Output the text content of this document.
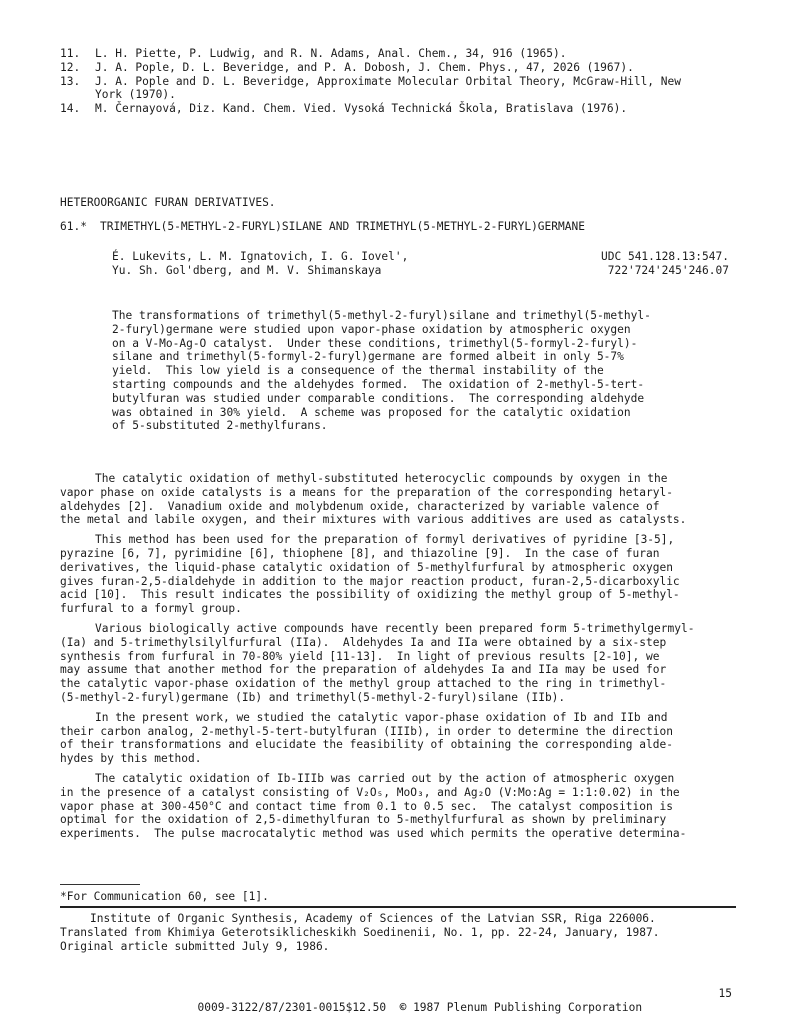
11.	L. H. Piette, P. Ludwig, and R. N. Adams, Anal. Chem., 34, 916 (1965).
12.	J. A. Pople, D. L. Beveridge, and P. A. Dobosh, J. Chem. Phys., 47, 2026 (1967).
13.	J. A. Pople and D. L. Beveridge, Approximate Molecular Orbital Theory, McGraw-Hill, New
York (1970).
14.	M. Černayová, Diz. Kand. Chem. Vied. Vysoká Technická Škola, Bratislava (1976).
HETEROORGANIC FURAN DERIVATIVES.
61.* TRIMETHYL(5-METHYL-2-FURYL)SILANE AND TRIMETHYL(5-METHYL-2-FURYL)GERMANE
É. Lukevits, L. M. Ignatovich, I. G. Iovel',
Yu. Sh. Gol'dberg, and M. V. Shimanskaya
UDC 541.128.13:547.
722'724'245'246.07
The transformations of trimethyl(5-methyl-2-furyl)silane and trimethyl(5-methyl-
2-furyl)germane were studied upon vapor-phase oxidation by atmospheric oxygen
on a V-Mo-Ag-O catalyst.  Under these conditions, trimethyl(5-formyl-2-furyl)-
silane and trimethyl(5-formyl-2-furyl)germane are formed albeit in only 5-7%
yield.  This low yield is a consequence of the thermal instability of the
starting compounds and the aldehydes formed.  The oxidation of 2-methyl-5-tert-
butylfuran was studied under comparable conditions.  The corresponding aldehyde
was obtained in 30% yield.  A scheme was proposed for the catalytic oxidation
of 5-substituted 2-methylfurans.
The catalytic oxidation of methyl-substituted heterocyclic compounds by oxygen in the
vapor phase on oxide catalysts is a means for the preparation of the corresponding hetaryl-
aldehydes [2].  Vanadium oxide and molybdenum oxide, characterized by variable valence of
the metal and labile oxygen, and their mixtures with various additives are used as catalysts.
This method has been used for the preparation of formyl derivatives of pyridine [3-5],
pyrazine [6, 7], pyrimidine [6], thiophene [8], and thiazoline [9].  In the case of furan
derivatives, the liquid-phase catalytic oxidation of 5-methylfurfural by atmospheric oxygen
gives furan-2,5-dialdehyde in addition to the major reaction product, furan-2,5-dicarboxylic
acid [10].  This result indicates the possibility of oxidizing the methyl group of 5-methyl-
furfural to a formyl group.
Various biologically active compounds have recently been prepared form 5-trimethylgermyl-
(Ia) and 5-trimethylsilylfurfural (IIa).  Aldehydes Ia and IIa were obtained by a six-step
synthesis from furfural in 70-80% yield [11-13].  In light of previous results [2-10], we
may assume that another method for the preparation of aldehydes Ia and IIa may be used for
the catalytic vapor-phase oxidation of the methyl group attached to the ring in trimethyl-
(5-methyl-2-furyl)germane (Ib) and trimethyl(5-methyl-2-furyl)silane (IIb).
In the present work, we studied the catalytic vapor-phase oxidation of Ib and IIb and
their carbon analog, 2-methyl-5-tert-butylfuran (IIIb), in order to determine the direction
of their transformations and elucidate the feasibility of obtaining the corresponding alde-
hydes by this method.
The catalytic oxidation of Ib-IIIb was carried out by the action of atmospheric oxygen
in the presence of a catalyst consisting of V₂O₅, MoO₃, and Ag₂O (V:Mo:Ag = 1:1:0.02) in the
vapor phase at 300-450°C and contact time from 0.1 to 0.5 sec.  The catalyst composition is
optimal for the oxidation of 2,5-dimethylfuran to 5-methylfurfural as shown by preliminary
experiments.  The pulse macrocatalytic method was used which permits the operative determina-
*For Communication 60, see [1].
Institute of Organic Synthesis, Academy of Sciences of the Latvian SSR, Riga 226006.
Translated from Khimiya Geterotsiklicheskikh Soedinenii, No. 1, pp. 22-24, January, 1987.
Original article submitted July 9, 1986.

0009-3122/87/2301-0015$12.50 © 1987 Plenum Publishing Corporation

15
